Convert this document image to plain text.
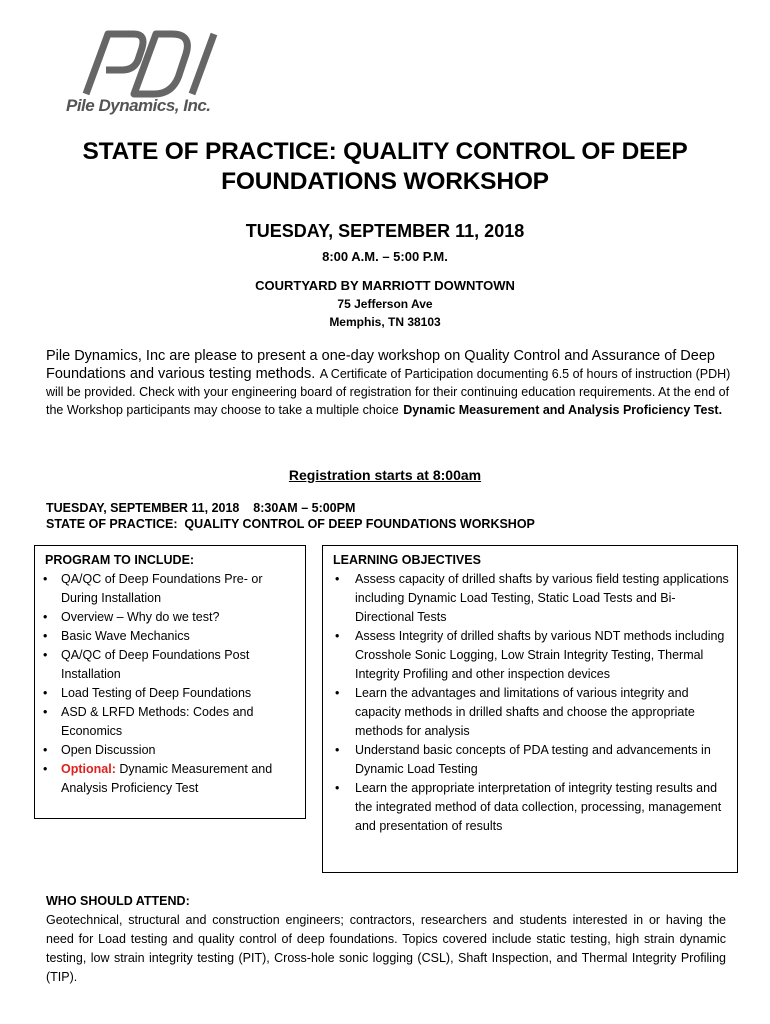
Pile Dynamics, Inc.
STATE OF PRACTICE: QUALITY CONTROL OF DEEP FOUNDATIONS WORKSHOP
TUESDAY, SEPTEMBER 11, 2018
8:00 A.M. – 5:00 P.M.
COURTYARD BY MARRIOTT DOWNTOWN
75 Jefferson Ave
Memphis, TN 38103
Pile Dynamics, Inc are please to present a one-day workshop on Quality Control and Assurance of Deep Foundations and various testing methods. A Certificate of Participation documenting 6.5 of hours of instruction (PDH) will be provided. Check with your engineering board of registration for their continuing education requirements. At the end of the Workshop participants may choose to take a multiple choice Dynamic Measurement and Analysis Proficiency Test.
Registration starts at 8:00am
TUESDAY, SEPTEMBER 11, 2018    8:30AM – 5:00PM
STATE OF PRACTICE:  QUALITY CONTROL OF DEEP FOUNDATIONS WORKSHOP
PROGRAM TO INCLUDE:
• QA/QC of Deep Foundations Pre- or During Installation
• Overview – Why do we test?
• Basic Wave Mechanics
• QA/QC of Deep Foundations Post Installation
• Load Testing of Deep Foundations
• ASD & LRFD Methods: Codes and Economics
• Open Discussion
• Optional: Dynamic Measurement and Analysis Proficiency Test
LEARNING OBJECTIVES
• Assess capacity of drilled shafts by various field testing applications including Dynamic Load Testing, Static Load Tests and Bi-Directional Tests
• Assess Integrity of drilled shafts by various NDT methods including Crosshole Sonic Logging, Low Strain Integrity Testing, Thermal Integrity Profiling and other inspection devices
• Learn the advantages and limitations of various integrity and capacity methods in drilled shafts and choose the appropriate methods for analysis
• Understand basic concepts of PDA testing and advancements in Dynamic Load Testing
• Learn the appropriate interpretation of integrity testing results and the integrated method of data collection, processing, management and presentation of results
WHO SHOULD ATTEND:
Geotechnical, structural and construction engineers; contractors, researchers and students interested in or having the need for Load testing and quality control of deep foundations. Topics covered include static testing, high strain dynamic testing, low strain integrity testing (PIT), Cross-hole sonic logging (CSL), Shaft Inspection, and Thermal Integrity Profiling (TIP).
